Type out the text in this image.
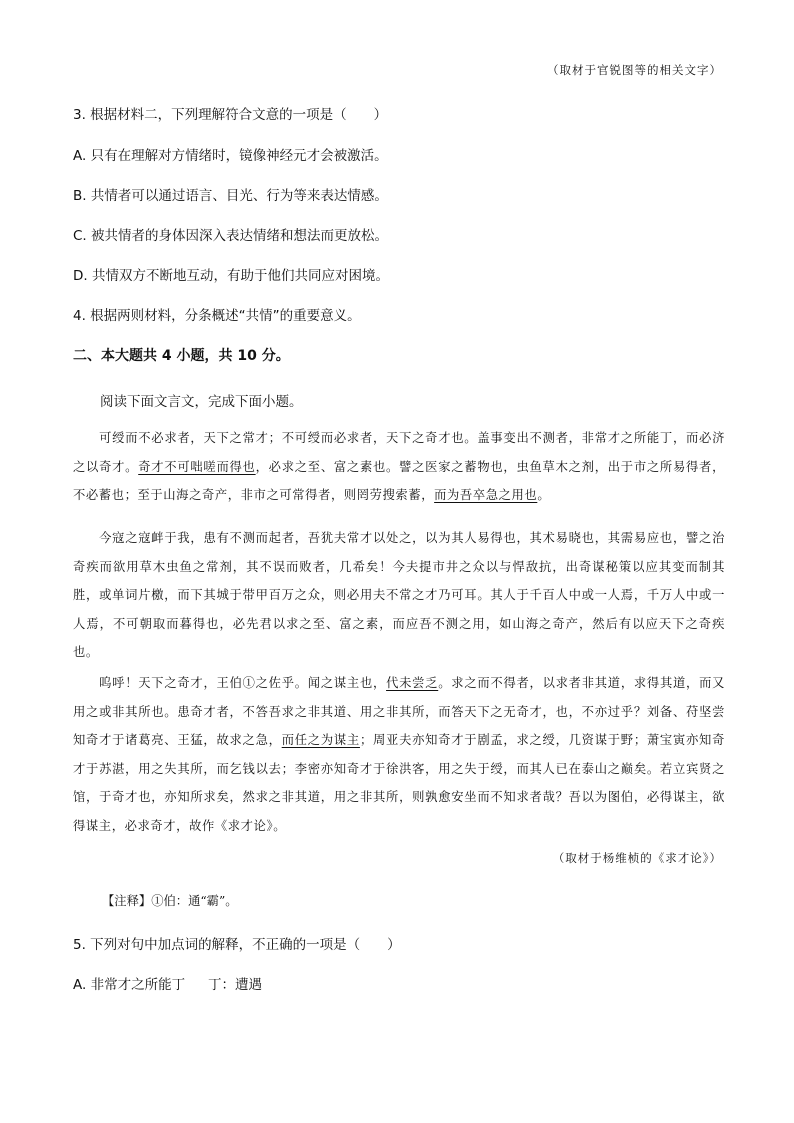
（取材于官锐图等的相关文字）
3. 根据材料二，下列理解符合文意的一项是（　　）
A. 只有在理解对方情绪时，镜像神经元才会被激活。
B. 共情者可以通过语言、目光、行为等来表达情感。
C. 被共情者的身体因深入表达情绪和想法而更放松。
D. 共情双方不断地互动，有助于他们共同应对困境。
4. 根据两则材料，分条概述“共情”的重要意义。
二、本大题共 4 小题，共 10 分。
阅读下面文言文，完成下面小题。
可绶而不必求者，天下之常才；不可绶而必求者，天下之奇才也。盖事变出不测者，非常才之所能丁，而必济之以奇才。奇才不可咄嗟而得也，必求之至、富之素也。譬之医家之蓄物也，虫鱼草木之剂，出于市之所易得者，不必蓄也；至于山海之奇产，非市之可常得者，则罔劳搜索蓄，而为吾卒急之用也。
今寇之寇衅于我，患有不测而起者，吾犹夫常才以处之，以为其人易得也，其术易晓也，其需易应也，譬之治奇疾而欲用草木虫鱼之常剂，其不误而败者，几希矣！今夫提市井之众以与悍敌抗，出奇谋秘策以应其变而制其胜，或单词片檄，而下其城于带甲百万之众，则必用夫不常之才乃可耳。其人于千百人中或一人焉，千万人中或一人焉，不可朝取而暮得也，必先君以求之至、富之素，而应吾不测之用，如山海之奇产，然后有以应天下之奇疾也。
呜呼！天下之奇才，王伯①之佐乎。闻之谋主也，代未尝乏。求之而不得者，以求者非其道，求得其道，而又用之或非其所也。患奇才者，不答吾求之非其道、用之非其所，而答天下之无奇才，也，不亦过乎？刘备、苻坚尝知奇才于诸葛亮、王猛，故求之急，而任之为谋主；周亚夫亦知奇才于剧孟，求之绶，几资谋于野；萧宝寅亦知奇才于苏湛，用之失其所，而乞钱以去；李密亦知奇才于徐洪客，用之失于绶，而其人已在泰山之巅矣。若立宾贤之馆，于奇才也，亦知所求矣，然求之非其道，用之非其所，则孰愈安坐而不知求者哉？吾以为图伯，必得谋主，欲得谋主，必求奇才，故作《求才论》。
（取材于杨维桢的《求才论》）
【注释】①伯：通“霸”。
5. 下列对句中加点词的解释，不正确的一项是（　　）
A. 非常才之所能丁 丁：遭遇
